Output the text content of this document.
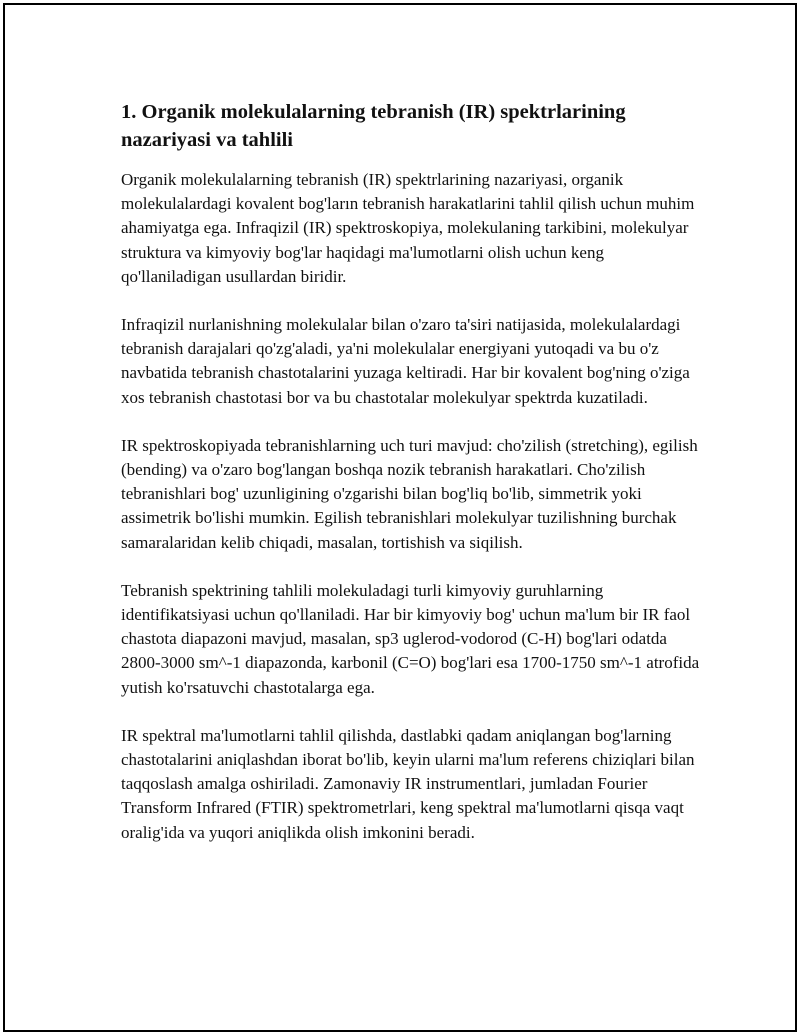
1. Organik molekulalarning tebranish (IR) spektrlarining nazariyasi va tahlili

Organik molekulalarning tebranish (IR) spektrlarining nazariyasi, organik molekulalardagi kovalent bog'ların tebranish harakatlarini tahlil qilish uchun muhim ahamiyatga ega. Infraqizil (IR) spektroskopiya, molekulaning tarkibini, molekulyar struktura va kimyoviy bog'lar haqidagi ma'lumotlarni olish uchun keng qo'llaniladigan usullardan biridir.

Infraqizil nurlanishning molekulalar bilan o'zaro ta'siri natijasida, molekulalardagi tebranish darajalari qo'zg'aladi, ya'ni molekulalar energiyani yutoqadi va bu o'z navbatida tebranish chastotalarini yuzaga keltiradi. Har bir kovalent bog'ning o'ziga xos tebranish chastotasi bor va bu chastotalar molekulyar spektrda kuzatiladi.

IR spektroskopiyada tebranishlarning uch turi mavjud: cho'zilish (stretching), egilish (bending) va o'zaro bog'langan boshqa nozik tebranish harakatlari. Cho'zilish tebranishlari bog' uzunligining o'zgarishi bilan bog'liq bo'lib, simmetrik yoki assimetrik bo'lishi mumkin. Egilish tebranishlari molekulyar tuzilishning burchak samaralaridan kelib chiqadi, masalan, tortishish va siqilish.

Tebranish spektrining tahlili molekuladagi turli kimyoviy guruhlarning identifikatsiyasi uchun qo'llaniladi. Har bir kimyoviy bog' uchun ma'lum bir IR faol chastota diapazoni mavjud, masalan, sp3 uglerod-vodorod (C-H) bog'lari odatda 2800-3000 sm^-1 diapazonda, karbonil (C=O) bog'lari esa 1700-1750 sm^-1 atrofida yutish ko'rsatuvchi chastotalarga ega.

IR spektral ma'lumotlarni tahlil qilishda, dastlabki qadam aniqlangan bog'larning chastotalarini aniqlashdan iborat bo'lib, keyin ularni ma'lum referens chiziqlari bilan taqqoslash amalga oshiriladi. Zamonaviy IR instrumentlari, jumladan Fourier Transform Infrared (FTIR) spektrometrlari, keng spektral ma'lumotlarni qisqa vaqt oralig'ida va yuqori aniqlikda olish imkonini beradi.
